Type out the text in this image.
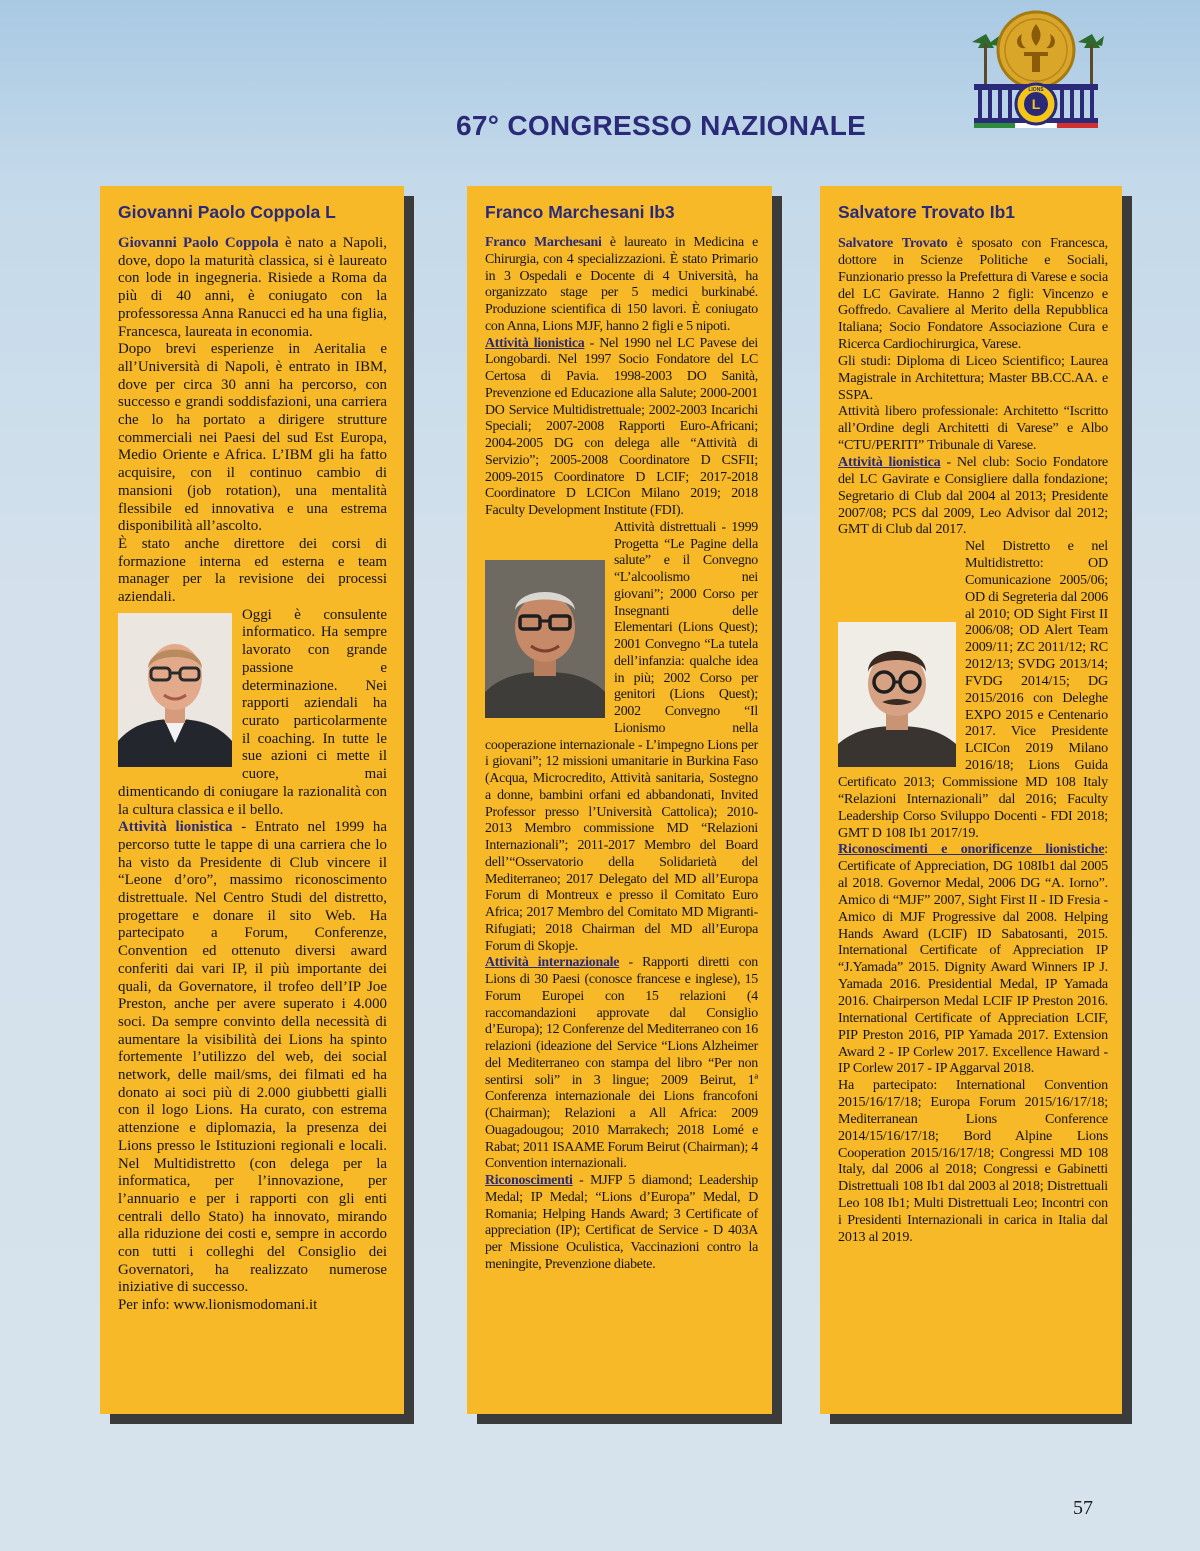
67° CONGRESSO NAZIONALE
L
LIONS
Giovanni Paolo Coppola L

Giovanni Paolo Coppola è nato a Napoli, dove, dopo la maturità classica, si è laureato con lode in ingegneria. Risiede a Roma da più di 40 anni, è coniugato con la professoressa Anna Ranucci ed ha una figlia, Francesca, laureata in economia.

Dopo brevi esperienze in Aeritalia e all’Università di Napoli, è entrato in IBM, dove per circa 30 anni ha percorso, con successo e grandi soddisfazioni, una carriera che lo ha portato a dirigere strutture commerciali nei Paesi del sud Est Europa, Medio Oriente e Africa. L’IBM gli ha fatto acquisire, con il continuo cambio di mansioni (job rotation), una mentalità flessibile ed innovativa e una estrema disponibilità all’ascolto.

È stato anche direttore dei corsi di formazione interna ed esterna e team manager per la revisione dei processi aziendali.

Oggi è consulente informatico. Ha sempre lavorato con grande passione e determinazione. Nei rapporti aziendali ha curato particolarmente il coaching. In tutte le sue azioni ci mette il cuore, mai dimenticando di coniugare la razionalità con la cultura classica e il bello.

Attività lionistica - Entrato nel 1999 ha percorso tutte le tappe di una carriera che lo ha visto da Presidente di Club vincere il “Leone d’oro”, massimo riconoscimento distrettuale. Nel Centro Studi del distretto, progettare e donare il sito Web. Ha partecipato a Forum, Conferenze, Convention ed ottenuto diversi award conferiti dai vari IP, il più importante dei quali, da Governatore, il trofeo dell’IP Joe Preston, anche per avere superato i 4.000 soci. Da sempre convinto della necessità di aumentare la visibilità dei Lions ha spinto fortemente l’utilizzo del web, dei social network, delle mail/sms, dei filmati ed ha donato ai soci più di 2.000 giubbetti gialli con il logo Lions. Ha curato, con estrema attenzione e diplomazia, la presenza dei Lions presso le Istituzioni regionali e locali. Nel Multidistretto (con delega per la informatica, per l’innovazione, per l’annuario e per i rapporti con gli enti centrali dello Stato) ha innovato, mirando alla riduzione dei costi e, sempre in accordo con tutti i colleghi del Consiglio dei Governatori, ha realizzato numerose iniziative di successo.

Per info: www.lionismodomani.it

Franco Marchesani Ib3

Franco Marchesani è laureato in Medicina e Chirurgia, con 4 specializzazioni. È stato Primario in 3 Ospedali e Docente di 4 Università, ha organizzato stage per 5 medici burkinabé. Produzione scientifica di 150 lavori. È coniugato con Anna, Lions MJF, hanno 2 figli e 5 nipoti.

Attività lionistica - Nel 1990 nel LC Pavese dei Longobardi. Nel 1997 Socio Fondatore del LC Certosa di Pavia. 1998-2003 DO Sanità, Prevenzione ed Educazione alla Salute; 2000-2001 DO Service Multidistrettuale; 2002-2003 Incarichi Speciali; 2007-2008 Rapporti Euro-Africani; 2004-2005 DG con delega alle “Attività di Servizio”; 2005-2008 Coordinatore D CSFII; 2009-2015 Coordinatore D LCIF; 2017-2018 Coordinatore D LCICon Milano 2019; 2018 Faculty Development Institute (FDI).

Attività distrettuali - 1999 Progetta “Le Pagine della salute” e il Convegno “L’alcoolismo nei giovani”; 2000 Corso per Insegnanti delle Elementari (Lions Quest); 2001 Convegno “La tutela dell’infanzia: qualche idea in più; 2002 Corso per genitori (Lions Quest); 2002 Convegno “Il Lionismo nella cooperazione internazionale - L’impegno Lions per i giovani”; 12 missioni umanitarie in Burkina Faso (Acqua, Microcredito, Attività sanitaria, Sostegno a donne, bambini orfani ed abbandonati, Invited Professor presso l’Università Cattolica); 2010-2013 Membro commissione MD “Relazioni Internazionali”; 2011-2017 Membro del Board dell’“Osservatorio della Solidarietà del Mediterraneo; 2017 Delegato del MD all’Europa Forum di Montreux e presso il Comitato Euro Africa; 2017 Membro del Comitato MD Migranti-Rifugiati; 2018 Chairman del MD all’Europa Forum di Skopje.

Attività internazionale - Rapporti diretti con Lions di 30 Paesi (conosce francese e inglese), 15 Forum Europei con 15 relazioni (4 raccomandazioni approvate dal Consiglio d’Europa); 12 Conferenze del Mediterraneo con 16 relazioni (ideazione del Service “Lions Alzheimer del Mediterraneo con stampa del libro “Per non sentirsi soli” in 3 lingue; 2009 Beirut, 1ª Conferenza internazionale dei Lions francofoni (Chairman); Relazioni a All Africa: 2009 Ouagadougou; 2010 Marrakech; 2018 Lomé e Rabat; 2011 ISAAME Forum Beirut (Chairman); 4 Convention internazionali.

Riconoscimenti - MJFP 5 diamond; Leadership Medal; IP Medal; “Lions d’Europa” Medal, D Romania; Helping Hands Award; 3 Certificate of appreciation (IP); Certificat de Service - D 403A per Missione Oculistica, Vaccinazioni contro la meningite, Prevenzione diabete.

Salvatore Trovato Ib1

Salvatore Trovato è sposato con Francesca, dottore in Scienze Politiche e Sociali, Funzionario presso la Prefettura di Varese e socia del LC Gavirate. Hanno 2 figli: Vincenzo e Goffredo. Cavaliere al Merito della Repubblica Italiana; Socio Fondatore Associazione Cura e Ricerca Cardiochirurgica, Varese.

Gli studi: Diploma di Liceo Scientifico; Laurea Magistrale in Architettura; Master BB.CC.AA. e SSPA.

Attività libero professionale: Architetto “Iscritto all’Ordine degli Architetti di Varese” e Albo “CTU/PERITI” Tribunale di Varese.

Attività lionistica - Nel club: Socio Fondatore del LC Gavirate e Consigliere dalla fondazione; Segretario di Club dal 2004 al 2013; Presidente 2007/08; PCS dal 2009, Leo Advisor dal 2012; GMT di Club dal 2017.

Nel Distretto e nel Multidistretto: OD Comunicazione 2005/06; OD di Segreteria dal 2006 al 2010; OD Sight First II 2006/08; OD Alert Team 2009/11; ZC 2011/12; RC 2012/13; SVDG 2013/14; FVDG 2014/15; DG 2015/2016 con Deleghe EXPO 2015 e Centenario 2017. Vice Presidente LCICon 2019 Milano 2016/18; Lions Guida Certificato 2013; Commissione MD 108 Italy “Relazioni Internazionali” dal 2016; Faculty Leadership Corso Sviluppo Docenti - FDI 2018; GMT D 108 Ib1 2017/19.

Riconoscimenti e onorificenze lionistiche: Certificate of Appreciation, DG 108Ib1 dal 2005 al 2018. Governor Medal, 2006 DG “A. Iorno”. Amico di “MJF” 2007, Sight First II - ID Fresia - Amico di MJF Progressive dal 2008. Helping Hands Award (LCIF) ID Sabatosanti, 2015. International Certificate of Appreciation IP “J.Yamada” 2015. Dignity Award Winners IP J. Yamada 2016. Presidential Medal, IP Yamada 2016. Chairperson Medal LCIF IP Preston 2016. International Certificate of Appreciation LCIF, PIP Preston 2016, PIP Yamada 2017. Extension Award 2 - IP Corlew 2017. Excellence Haward - IP Corlew 2017 - IP Aggarval 2018.

Ha partecipato: International Convention 2015/16/17/18; Europa Forum 2015/16/17/18; Mediterranean Lions Conference 2014/15/16/17/18; Bord Alpine Lions Cooperation 2015/16/17/18; Congressi MD 108 Italy, dal 2006 al 2018; Congressi e Gabinetti Distrettuali 108 Ib1 dal 2003 al 2018; Distrettuali Leo 108 Ib1; Multi Distrettuali Leo; Incontri con i Presidenti Internazionali in carica in Italia dal 2013 al 2019.

57
